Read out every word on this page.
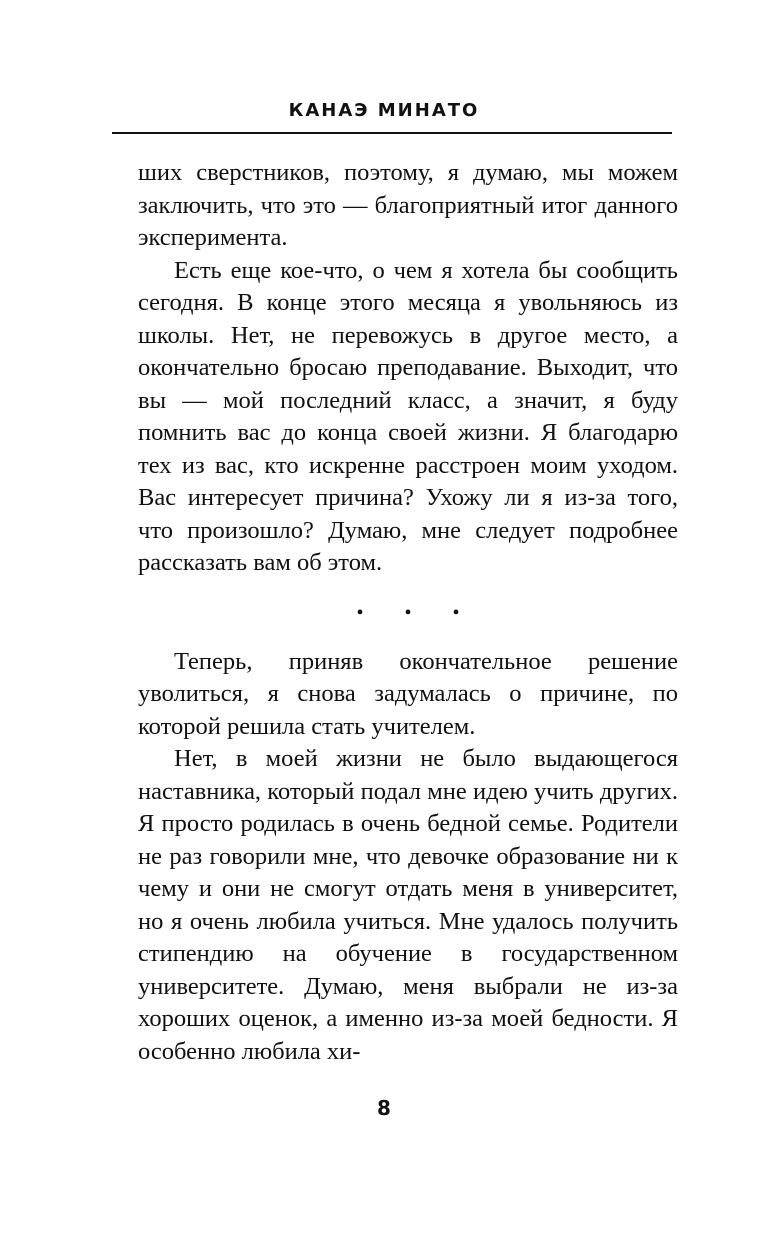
КАНАЭ МИНАТО

ших сверстников, поэтому, я думаю, мы можем заключить, что это — благоприятный итог данного эксперимента.

Есть еще кое-что, о чем я хотела бы сообщить сегодня. В конце этого месяца я увольняюсь из школы. Нет, не перевожусь в другое место, а окончательно бросаю преподавание. Выходит, что вы — мой последний класс, а значит, я буду помнить вас до конца своей жизни. Я благодарю тех из вас, кто искренне расстроен моим уходом. Вас интересует причина? Ухожу ли я из-за того, что произошло? Думаю, мне следует подробнее рассказать вам об этом.

• • •

Теперь, приняв окончательное решение уволиться, я снова задумалась о причине, по которой решила стать учителем.

Нет, в моей жизни не было выдающегося наставника, который подал мне идею учить других. Я просто родилась в очень бедной семье. Родители не раз говорили мне, что девочке образование ни к чему и они не смогут отдать меня в университет, но я очень любила учиться. Мне удалось получить стипендию на обучение в государственном университете. Думаю, меня выбрали не из-за хороших оценок, а именно из-за моей бедности. Я особенно любила хи-

8
